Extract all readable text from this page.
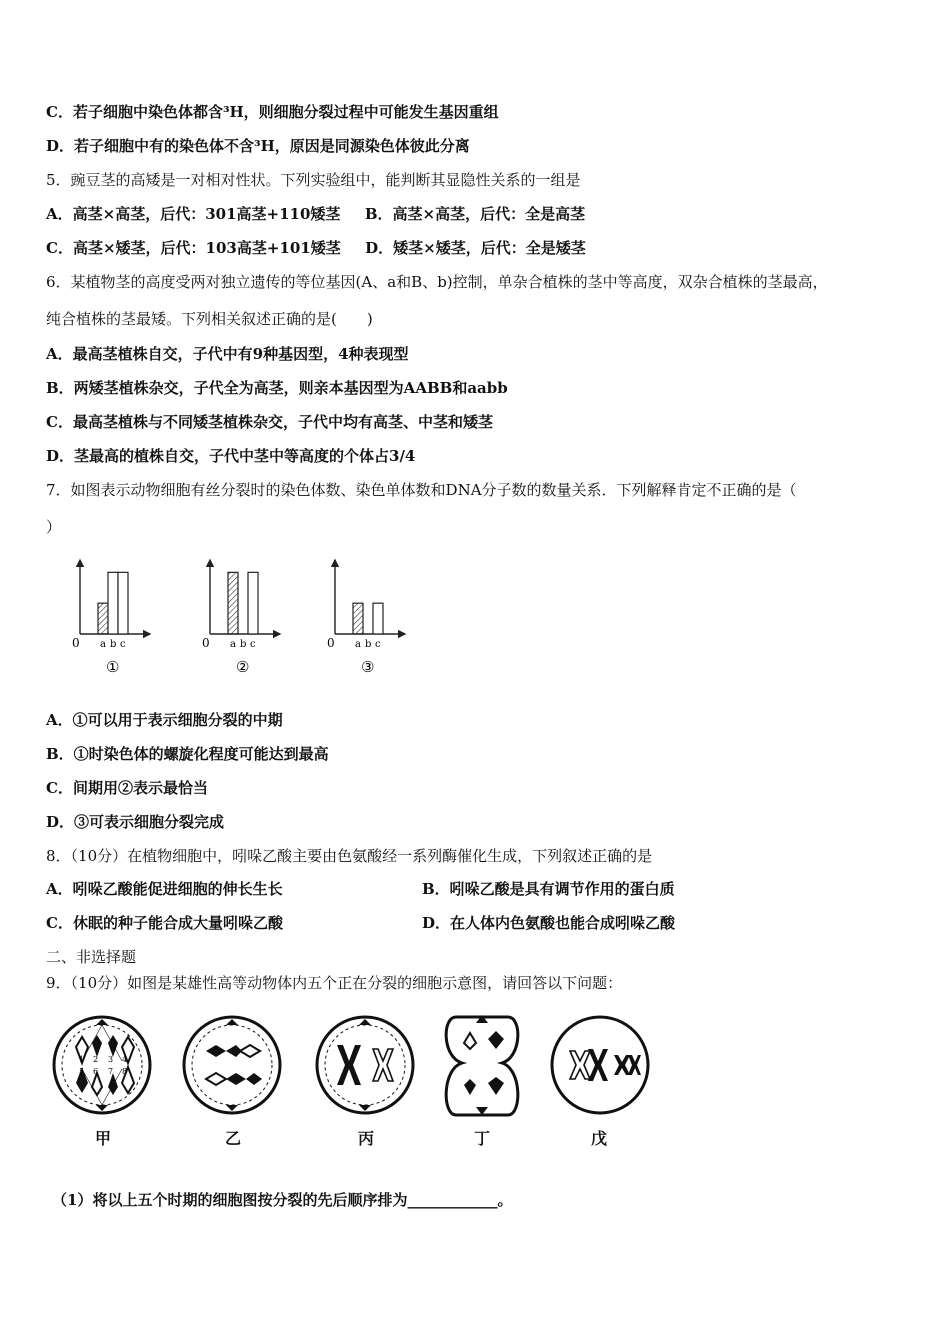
C．若子细胞中染色体都含³H，则细胞分裂过程中可能发生基因重组
D．若子细胞中有的染色体不含³H，原因是同源染色体彼此分离
5．豌豆茎的高矮是一对相对性状。下列实验组中，能判断其显隐性关系的一组是
A．高茎×高茎，后代：301高茎+110矮茎 B．高茎×高茎，后代：全是高茎
C．高茎×矮茎，后代：103高茎+101矮茎 D．矮茎×矮茎，后代：全是矮茎
6．某植物茎的高度受两对独立遗传的等位基因(A、a和B、b)控制，单杂合植株的茎中等高度，双杂合植株的茎最高，
纯合植株的茎最矮。下列相关叙述正确的是(　　)
A．最高茎植株自交，子代中有9种基因型，4种表现型
B．两矮茎植株杂交，子代全为高茎，则亲本基因型为AABB和aabb
C．最高茎植株与不同矮茎植株杂交，子代中均有高茎、中茎和矮茎
D．茎最高的植株自交，子代中茎中等高度的个体占3/4
7．如图表示动物细胞有丝分裂时的染色体数、染色单体数和DNA分子数的数量关系．下列解释肯定不正确的是（
）
0 a b c
①
0 a b c
②
0 a b c
③
A．①可以用于表示细胞分裂的中期
B．①时染色体的螺旋化程度可能达到最高
C．间期用②表示最恰当
D．③可表示细胞分裂完成
8．（10分）在植物细胞中，吲哚乙酸主要由色氨酸经一系列酶催化生成，下列叙述正确的是
A．吲哚乙酸能促进细胞的伸长生长	B．吲哚乙酸是具有调节作用的蛋白质
C．休眠的种子能合成大量吲哚乙酸	D．在人体内色氨酸也能合成吲哚乙酸
二、非选择题
9．（10分）如图是某雄性高等动物体内五个正在分裂的细胞示意图，请回答以下问题：
1 2 3 4
5 6 7 8
甲	乙	丙	丁	戊
（1）将以上五个时期的细胞图按分裂的先后顺序排为____________。
